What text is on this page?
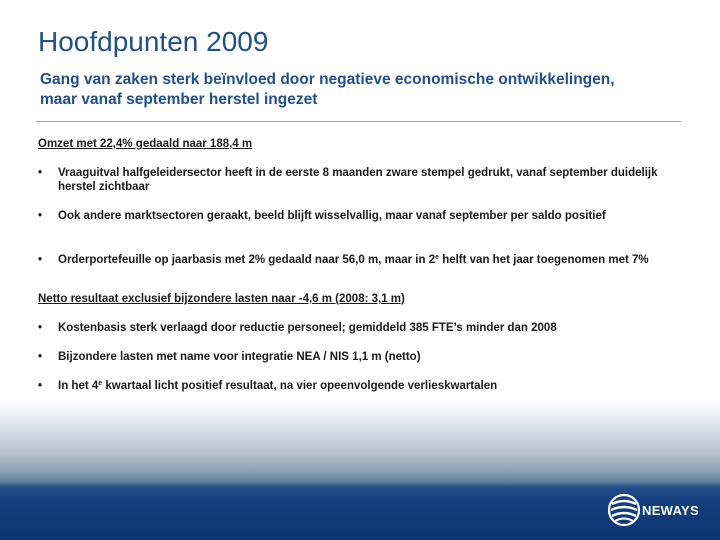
Hoofdpunten 2009
Gang van zaken sterk beïnvloed door negatieve economische ontwikkelingen, maar vanaf september herstel ingezet
Omzet met 22,4% gedaald naar 188,4 m
• Vraaguitval halfgeleidersector heeft in de eerste 8 maanden zware stempel gedrukt, vanaf september duidelijk herstel zichtbaar
• Ook andere marktsectoren geraakt, beeld blijft wisselvallig, maar vanaf september per saldo positief
• Orderportefeuille op jaarbasis met 2% gedaald naar 56,0 m, maar in 2e helft van het jaar toegenomen met 7%
Netto resultaat exclusief bijzondere lasten naar -4,6 m (2008: 3,1 m)
• Kostenbasis sterk verlaagd door reductie personeel; gemiddeld 385 FTE’s minder dan 2008
• Bijzondere lasten met name voor integratie NEA / NIS 1,1 m (netto)
• In het 4e kwartaal licht positief resultaat, na vier opeenvolgende verlieskwartalen
NEWAYS
